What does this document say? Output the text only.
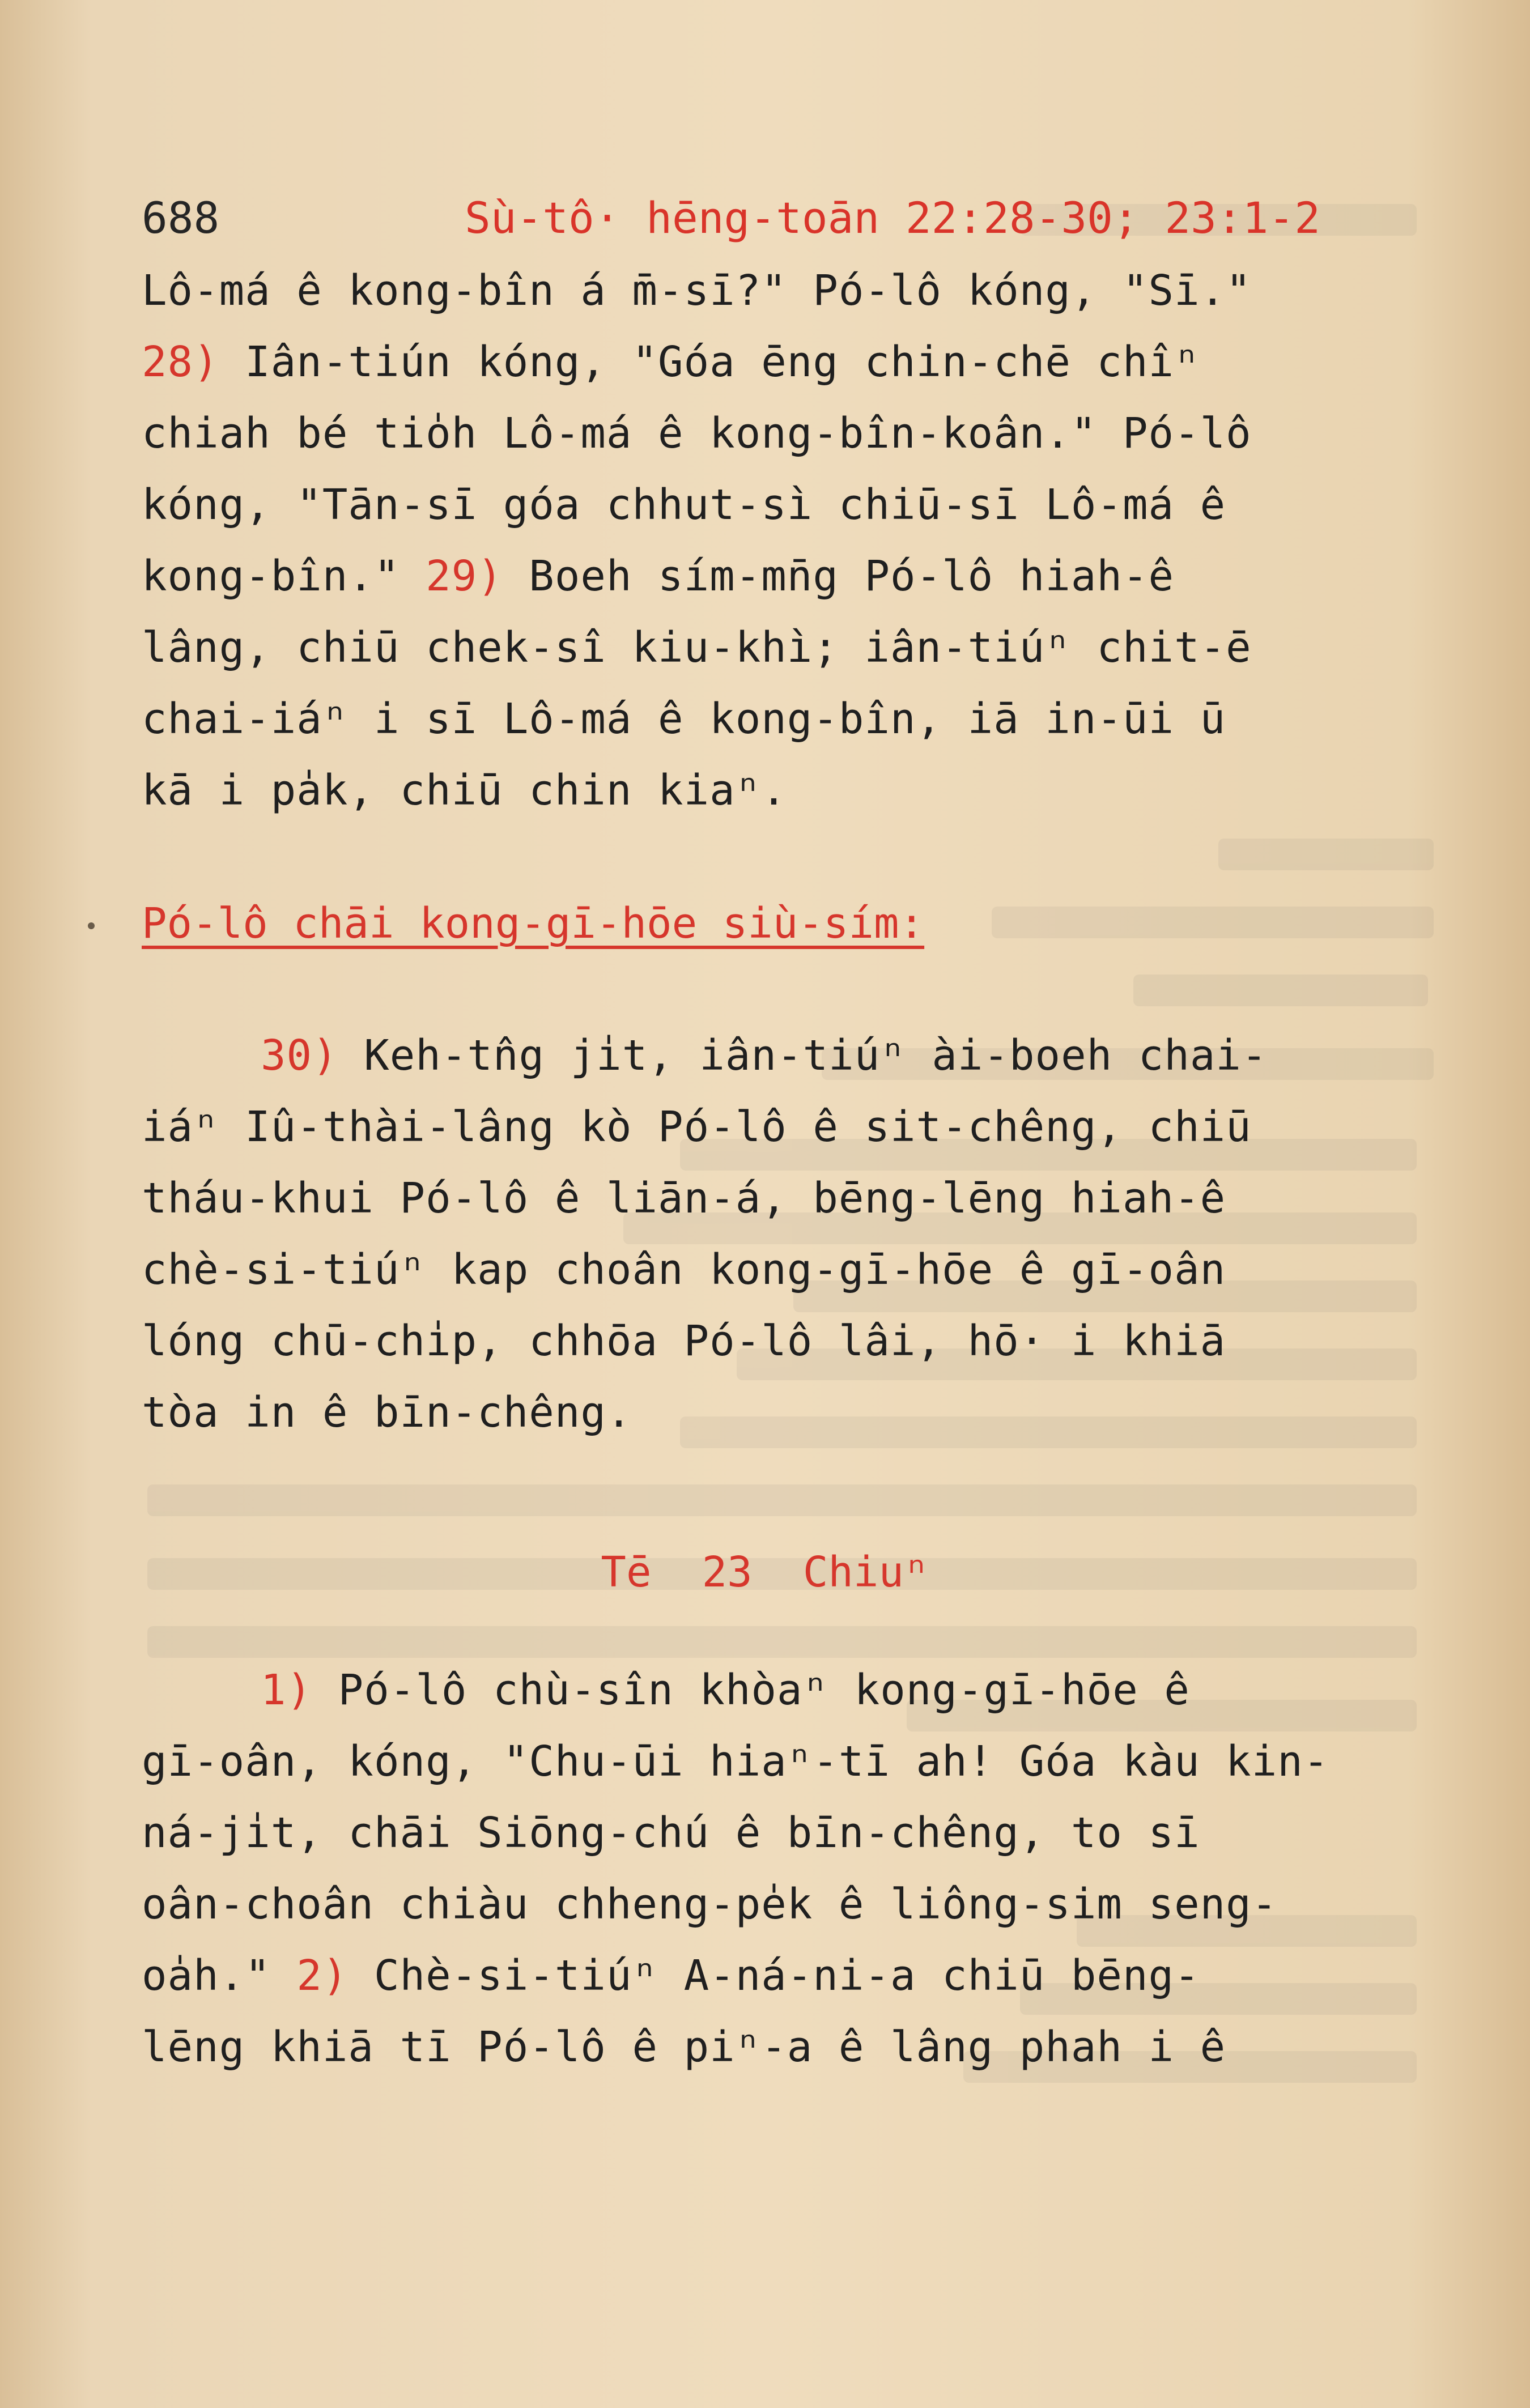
688	Sù-tô· hēng-toān 22:28-30; 23:1-2
Lô-má ê kong-bîn á m̄-sī?" Pó-lô kóng, "Sī."
28) Iân-tiún kóng, "Góa ēng chin-chē chîⁿ
chiah bé tio̍h Lô-má ê kong-bîn-koân." Pó-lô
kóng, "Tān-sī góa chhut-sì chiū-sī Lô-má ê
kong-bîn." 29) Boeh sím-mn̄g Pó-lô hiah-ê
lâng, chiū chek-sî kiu-khì; iân-tiúⁿ chit-ē
chai-iáⁿ i sī Lô-má ê kong-bîn, iā in-ūi ū
kā i pa̍k, chiū chin kiaⁿ.
Pó-lô chāi kong-gī-hōe siù-sím:
30) Keh-tn̂g ji̍t, iân-tiúⁿ ài-boeh chai-
iáⁿ Iû-thài-lâng kò Pó-lô ê sit-chêng, chiū
tháu-khui Pó-lô ê liān-á, bēng-lēng hiah-ê
chè-si-tiúⁿ kap choân kong-gī-hōe ê gī-oân
lóng chū-chi̍p, chhōa Pó-lô lâi, hō· i khiā
tòa in ê bīn-chêng.
Tē  23  Chiuⁿ
1) Pó-lô chù-sîn khòaⁿ kong-gī-hōe ê
gī-oân, kóng, "Chu-ūi hiaⁿ-tī ah! Góa kàu kin-
ná-ji̍t, chāi Siōng-chú ê bīn-chêng, to sī
oân-choân chiàu chheng-pe̍k ê liông-sim seng-
oa̍h." 2) Chè-si-tiúⁿ A-ná-ni-a chiū bēng-
lēng khiā tī Pó-lô ê piⁿ-a ê lâng phah i ê
